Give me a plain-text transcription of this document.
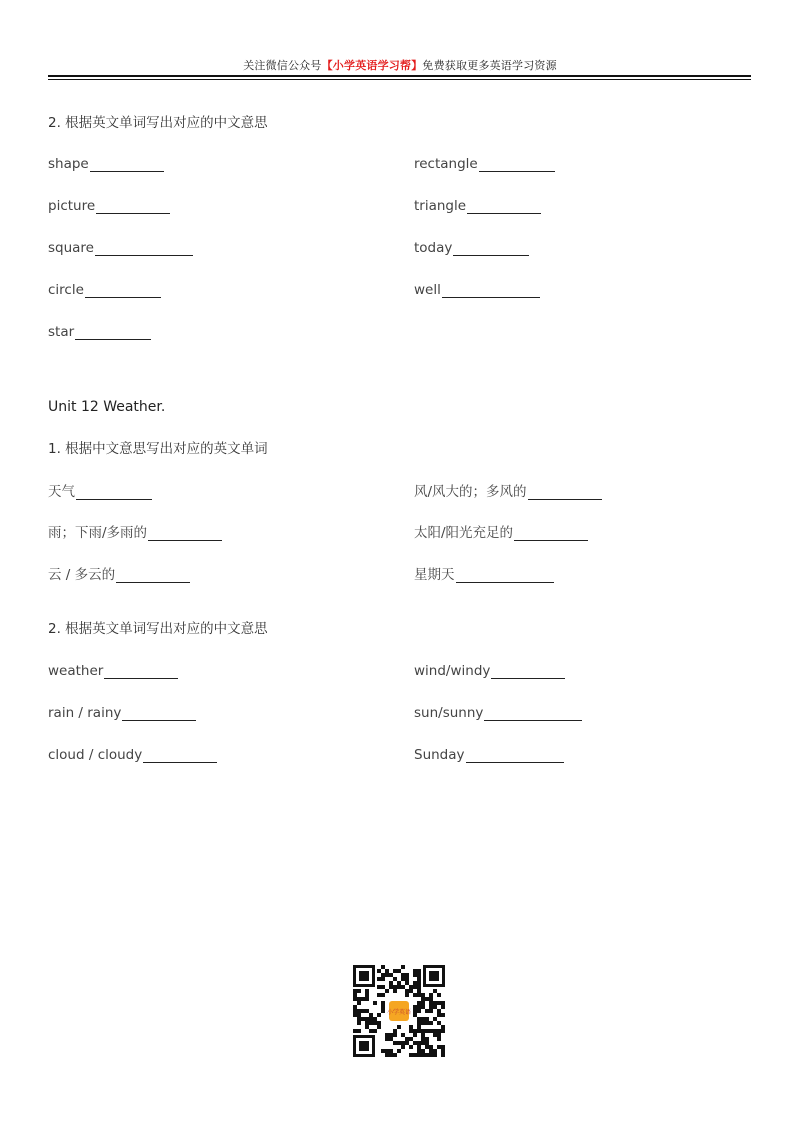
关注微信公众号【小学英语学习帮】免费获取更多英语学习资源
2. 根据英文单词写出对应的中文意思
shape	rectangle
picture	triangle
square	today
circle	well
star
Unit 12 Weather.
1. 根据中文意思写出对应的英文单词
天气	风/风大的；多风的
雨；下雨/多雨的	太阳/阳光充足的
云 / 多云的	星期天
2. 根据英文单词写出对应的中文意思
weather	wind/windy
rain / rainy	sun/sunny
cloud / cloudy	Sunday
小学英语
